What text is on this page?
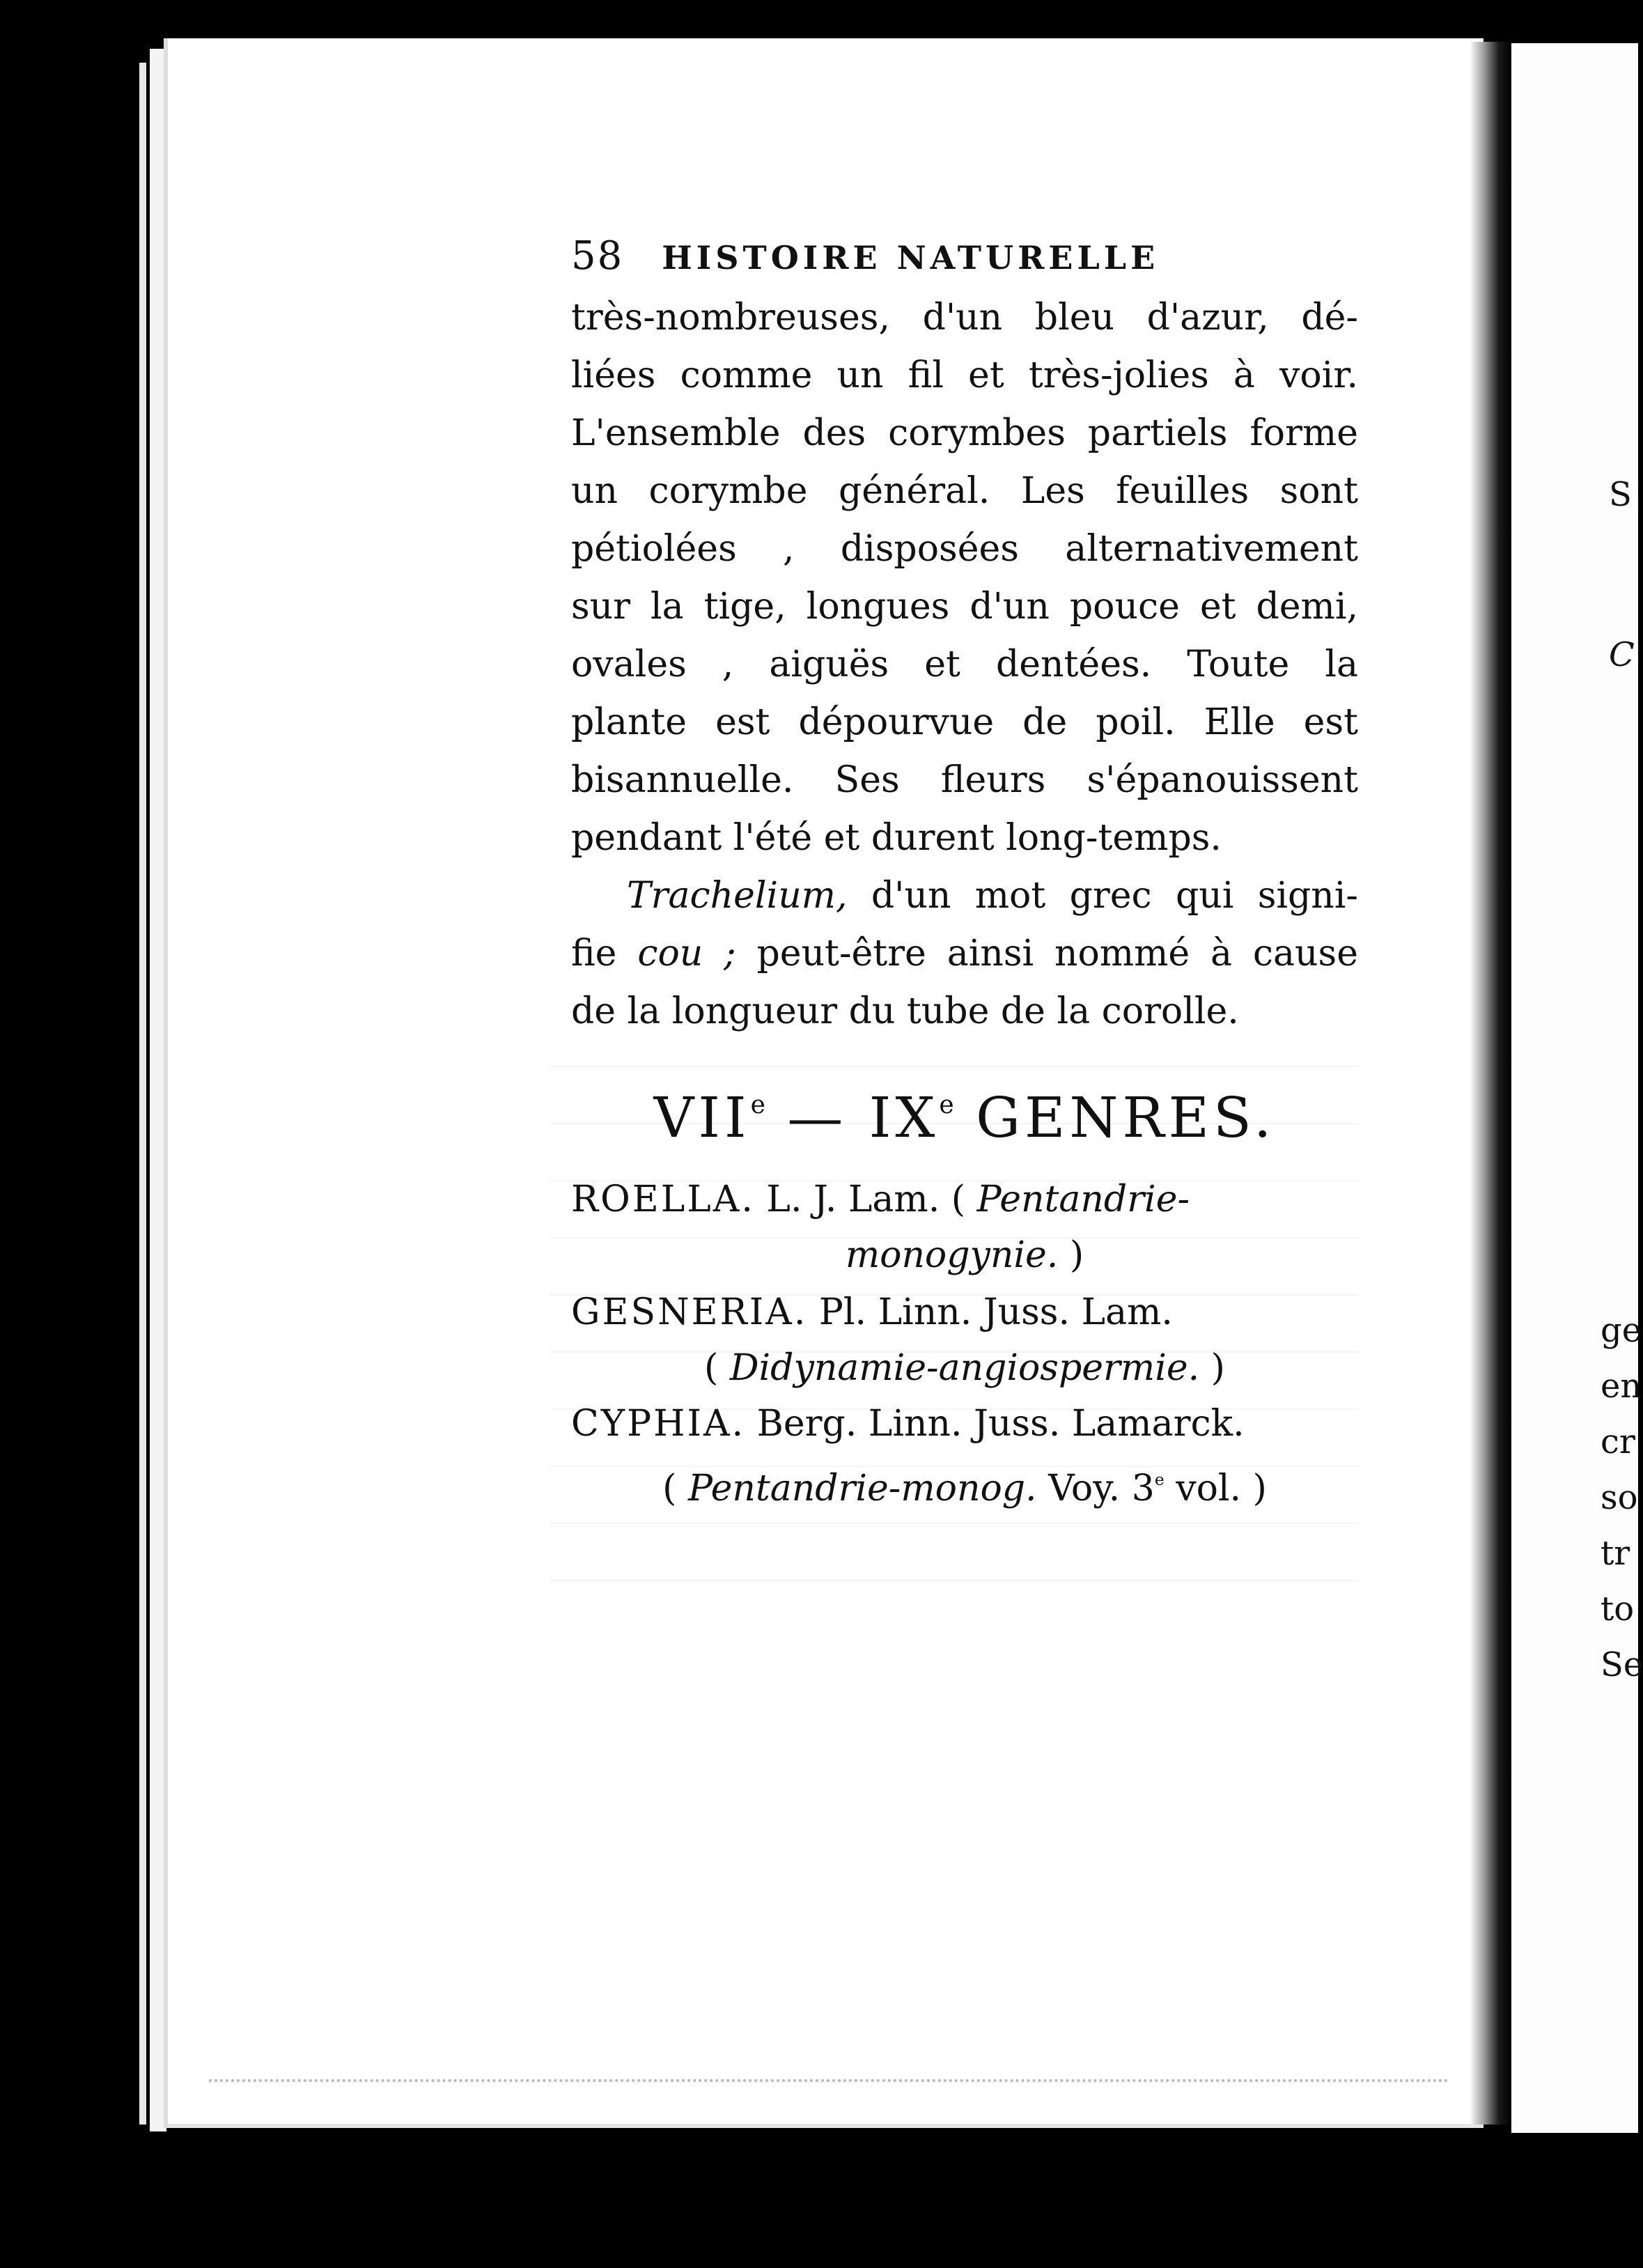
S
C
ge
en
cr
so
tr
to
Se
58 HISTOIRE NATURELLE
très-nombreuses, d'un bleu d'azur, dé-
liées comme un fil et très-jolies à voir.
L'ensemble des corymbes partiels forme
un corymbe général. Les feuilles sont
pétiolées , disposées alternativement
sur la tige, longues d'un pouce et demi,
ovales , aiguës et dentées. Toute la
plante est dépourvue de poil. Elle est
bisannuelle. Ses fleurs s'épanouissent
pendant l'été et durent long-temps.
Trachelium, d'un mot grec qui signi-
fie cou ; peut-être ainsi nommé à cause
de la longueur du tube de la corolle.
VIIe — IXe GENRES.
ROELLA. L. J. Lam. ( Pentandrie-
monogynie. )
GESNERIA. Pl. Linn. Juss. Lam.
( Didynamie-angiospermie. )
CYPHIA. Berg. Linn. Juss. Lamarck.
( Pentandrie-monog. Voy. 3e vol. )
